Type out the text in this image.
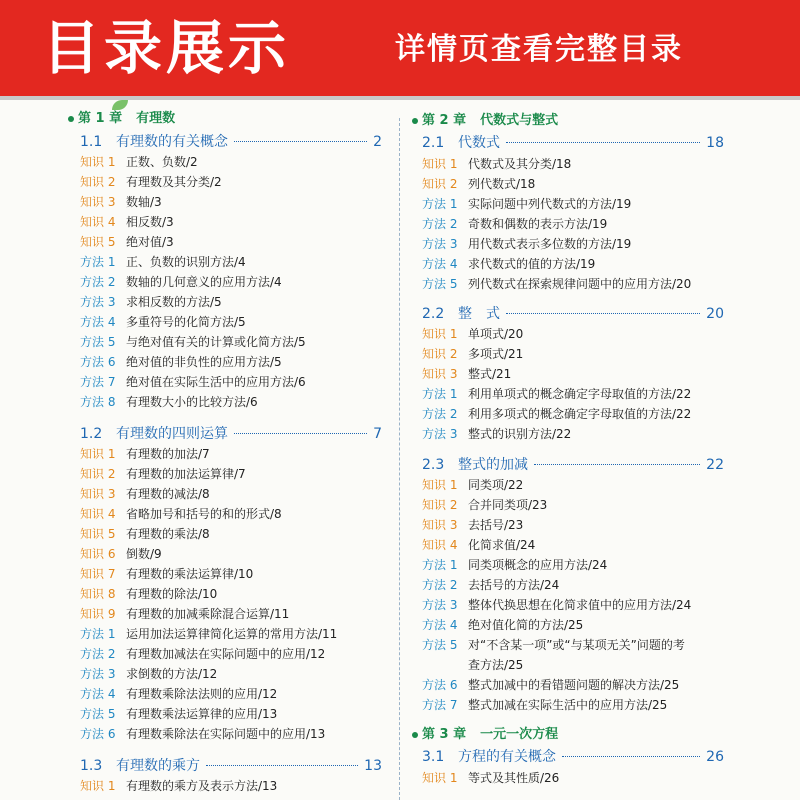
目录展示	详情页查看完整目录
第 1 章 有理数
1.1 有理数的有关概念	2
知识 1 正数、负数/2
知识 2 有理数及其分类/2
知识 3 数轴/3
知识 4 相反数/3
知识 5 绝对值/3
方法 1 正、负数的识别方法/4
方法 2 数轴的几何意义的应用方法/4
方法 3 求相反数的方法/5
方法 4 多重符号的化简方法/5
方法 5 与绝对值有关的计算或化简方法/5
方法 6 绝对值的非负性的应用方法/5
方法 7 绝对值在实际生活中的应用方法/6
方法 8 有理数大小的比较方法/6
1.2 有理数的四则运算	7
知识 1 有理数的加法/7
知识 2 有理数的加法运算律/7
知识 3 有理数的减法/8
知识 4 省略加号和括号的和的形式/8
知识 5 有理数的乘法/8
知识 6 倒数/9
知识 7 有理数的乘法运算律/10
知识 8 有理数的除法/10
知识 9 有理数的加减乘除混合运算/11
方法 1 运用加法运算律简化运算的常用方法/11
方法 2 有理数加减法在实际问题中的应用/12
方法 3 求倒数的方法/12
方法 4 有理数乘除法法则的应用/12
方法 5 有理数乘法运算律的应用/13
方法 6 有理数乘除法在实际问题中的应用/13
1.3 有理数的乘方	13
知识 1 有理数的乘方及表示方法/13
第 2 章 代数式与整式
2.1 代数式	18
知识 1 代数式及其分类/18
知识 2 列代数式/18
方法 1 实际问题中列代数式的方法/19
方法 2 奇数和偶数的表示方法/19
方法 3 用代数式表示多位数的方法/19
方法 4 求代数式的值的方法/19
方法 5 列代数式在探索规律问题中的应用方法/20
2.2 整　式	20
知识 1 单项式/20
知识 2 多项式/21
知识 3 整式/21
方法 1 利用单项式的概念确定字母取值的方法/22
方法 2 利用多项式的概念确定字母取值的方法/22
方法 3 整式的识别方法/22
2.3 整式的加减	22
知识 1 同类项/22
知识 2 合并同类项/23
知识 3 去括号/23
知识 4 化简求值/24
方法 1 同类项概念的应用方法/24
方法 2 去括号的方法/24
方法 3 整体代换思想在化简求值中的应用方法/24
方法 4 绝对值化简的方法/25
方法 5 对“不含某一项”或“与某项无关”问题的考
查方法/25
方法 6 整式加减中的看错题问题的解决方法/25
方法 7 整式加减在实际生活中的应用方法/25
第 3 章 一元一次方程
3.1 方程的有关概念	26
知识 1 等式及其性质/26
